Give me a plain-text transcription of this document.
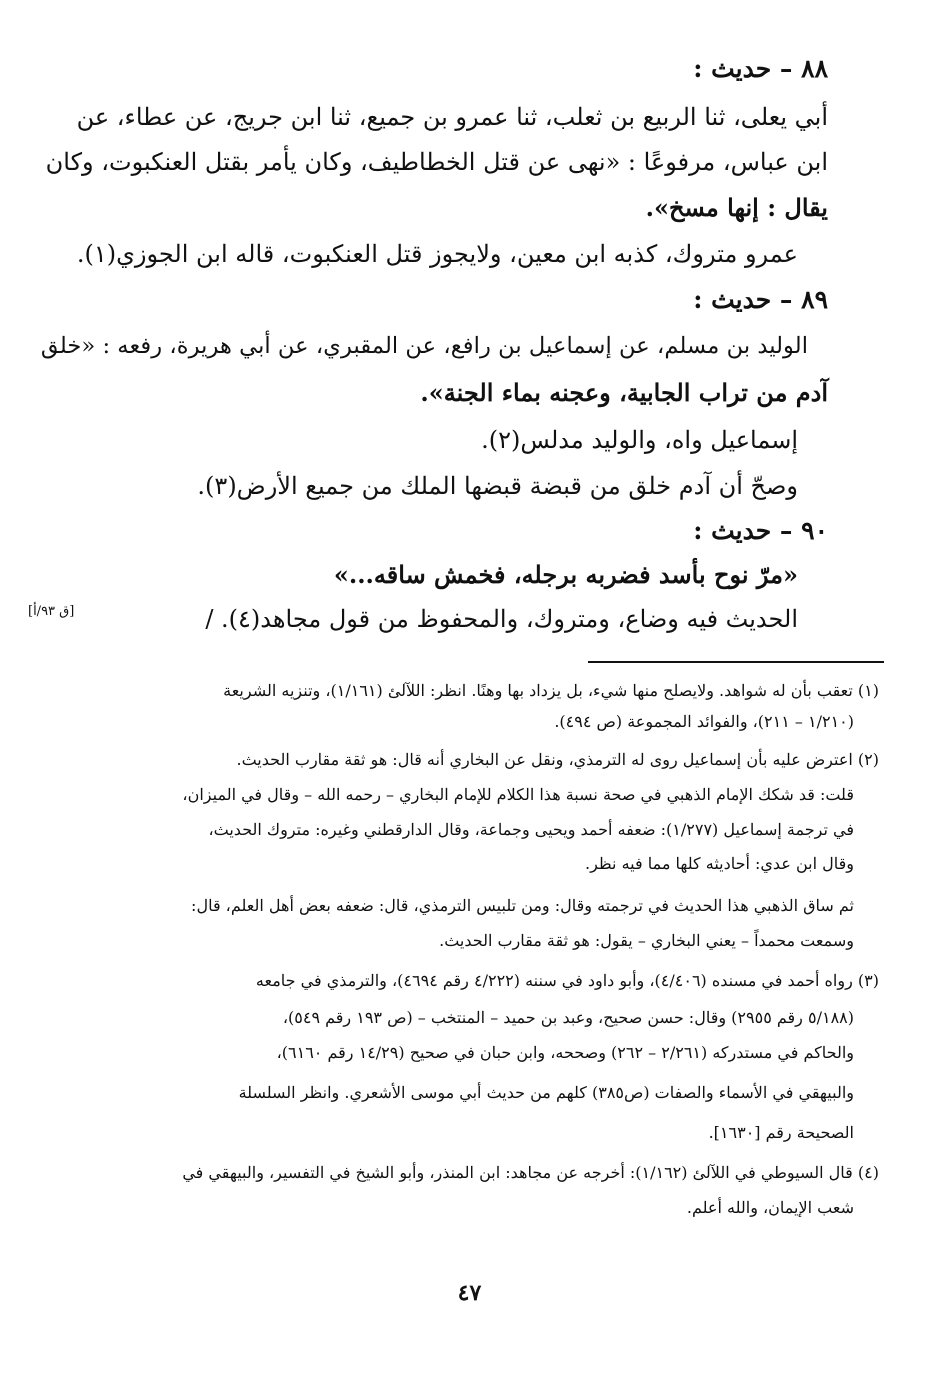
٨٨ – حديث :
أبي يعلى، ثنا الربيع بن ثعلب، ثنا عمرو بن جميع، ثنا ابن جريج، عن عطاء، عن
ابن عباس، مرفوعًا : «نهى عن قتل الخطاطيف، وكان يأمر بقتل العنكبوت، وكان
يقال : إنها مسخ».
عمرو متروك، كذبه ابن معين، ولايجوز قتل العنكبوت، قاله ابن الجوزي(١).
٨٩ – حديث :
الوليد بن مسلم، عن إسماعيل بن رافع، عن المقبري، عن أبي هريرة، رفعه : «خلق
آدم من تراب الجابية، وعجنه بماء الجنة».
إسماعيل واه، والوليد مدلس(٢).
وصحّ أن آدم خلق من قبضة قبضها الملك من جميع الأرض(٣).
٩٠ – حديث :
«مرّ نوح بأسد فضربه برجله، فخمش ساقه...»
الحديث فيه وضاع، ومتروك، والمحفوظ من قول مجاهد(٤). /
[ق ٩٣/أ]
(١) تعقب بأن له شواهد. ولايصلح منها شيء، بل يزداد بها وهنًا. انظر: اللآلئ (١/١٦١)، وتنزيه الشريعة
(١/٢١٠ – ٢١١)، والفوائد المجموعة (ص ٤٩٤).
(٢) اعترض عليه بأن إسماعيل روى له الترمذي، ونقل عن البخاري أنه قال: هو ثقة مقارب الحديث.
قلت: قد شكك الإمام الذهبي في صحة نسبة هذا الكلام للإمام البخاري – رحمه الله – وقال في الميزان،
في ترجمة إسماعيل (١/٢٧٧): ضعفه أحمد ويحيى وجماعة، وقال الدارقطني وغيره: متروك الحديث،
وقال ابن عدي: أحاديثه كلها مما فيه نظر.
ثم ساق الذهبي هذا الحديث في ترجمته وقال: ومن تلبيس الترمذي، قال: ضعفه بعض أهل العلم، قال:
وسمعت محمداً – يعني البخاري – يقول: هو ثقة مقارب الحديث.
(٣) رواه أحمد في مسنده (٤/٤٠٦)، وأبو داود في سننه (٤/٢٢٢ رقم ٤٦٩٤)، والترمذي في جامعه
(٥/١٨٨ رقم ٢٩٥٥) وقال: حسن صحيح، وعبد بن حميد – المنتخب – (ص ١٩٣ رقم ٥٤٩)،
والحاكم في مستدركه (٢/٢٦١ – ٢٦٢) وصححه، وابن حبان في صحيح (١٤/٢٩ رقم ٦١٦٠)،
والبيهقي في الأسماء والصفات (ص٣٨٥) كلهم من حديث أبي موسى الأشعري. وانظر السلسلة
الصحيحة رقم [١٦٣٠].
(٤) قال السيوطي في اللآلئ (١/١٦٢): أخرجه عن مجاهد: ابن المنذر، وأبو الشيخ في التفسير، والبيهقي في
شعب الإيمان، والله أعلم.
٤٧
